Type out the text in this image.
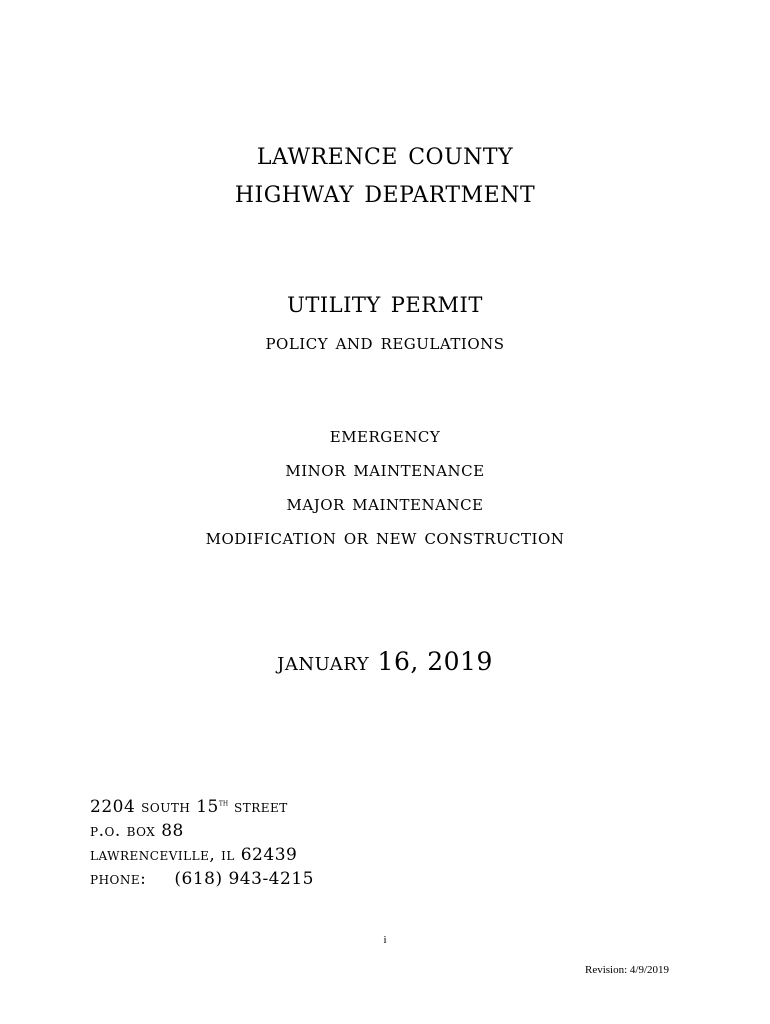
lawrence county
highway department
utility permit
policy and regulations
emergency
minor maintenance
major maintenance
modification or new construction
january 16, 2019
2204 south 15th street
p.o. box 88
lawrenceville, il 62439
phone: (618) 943-4215
i
Revision: 4/9/2019
